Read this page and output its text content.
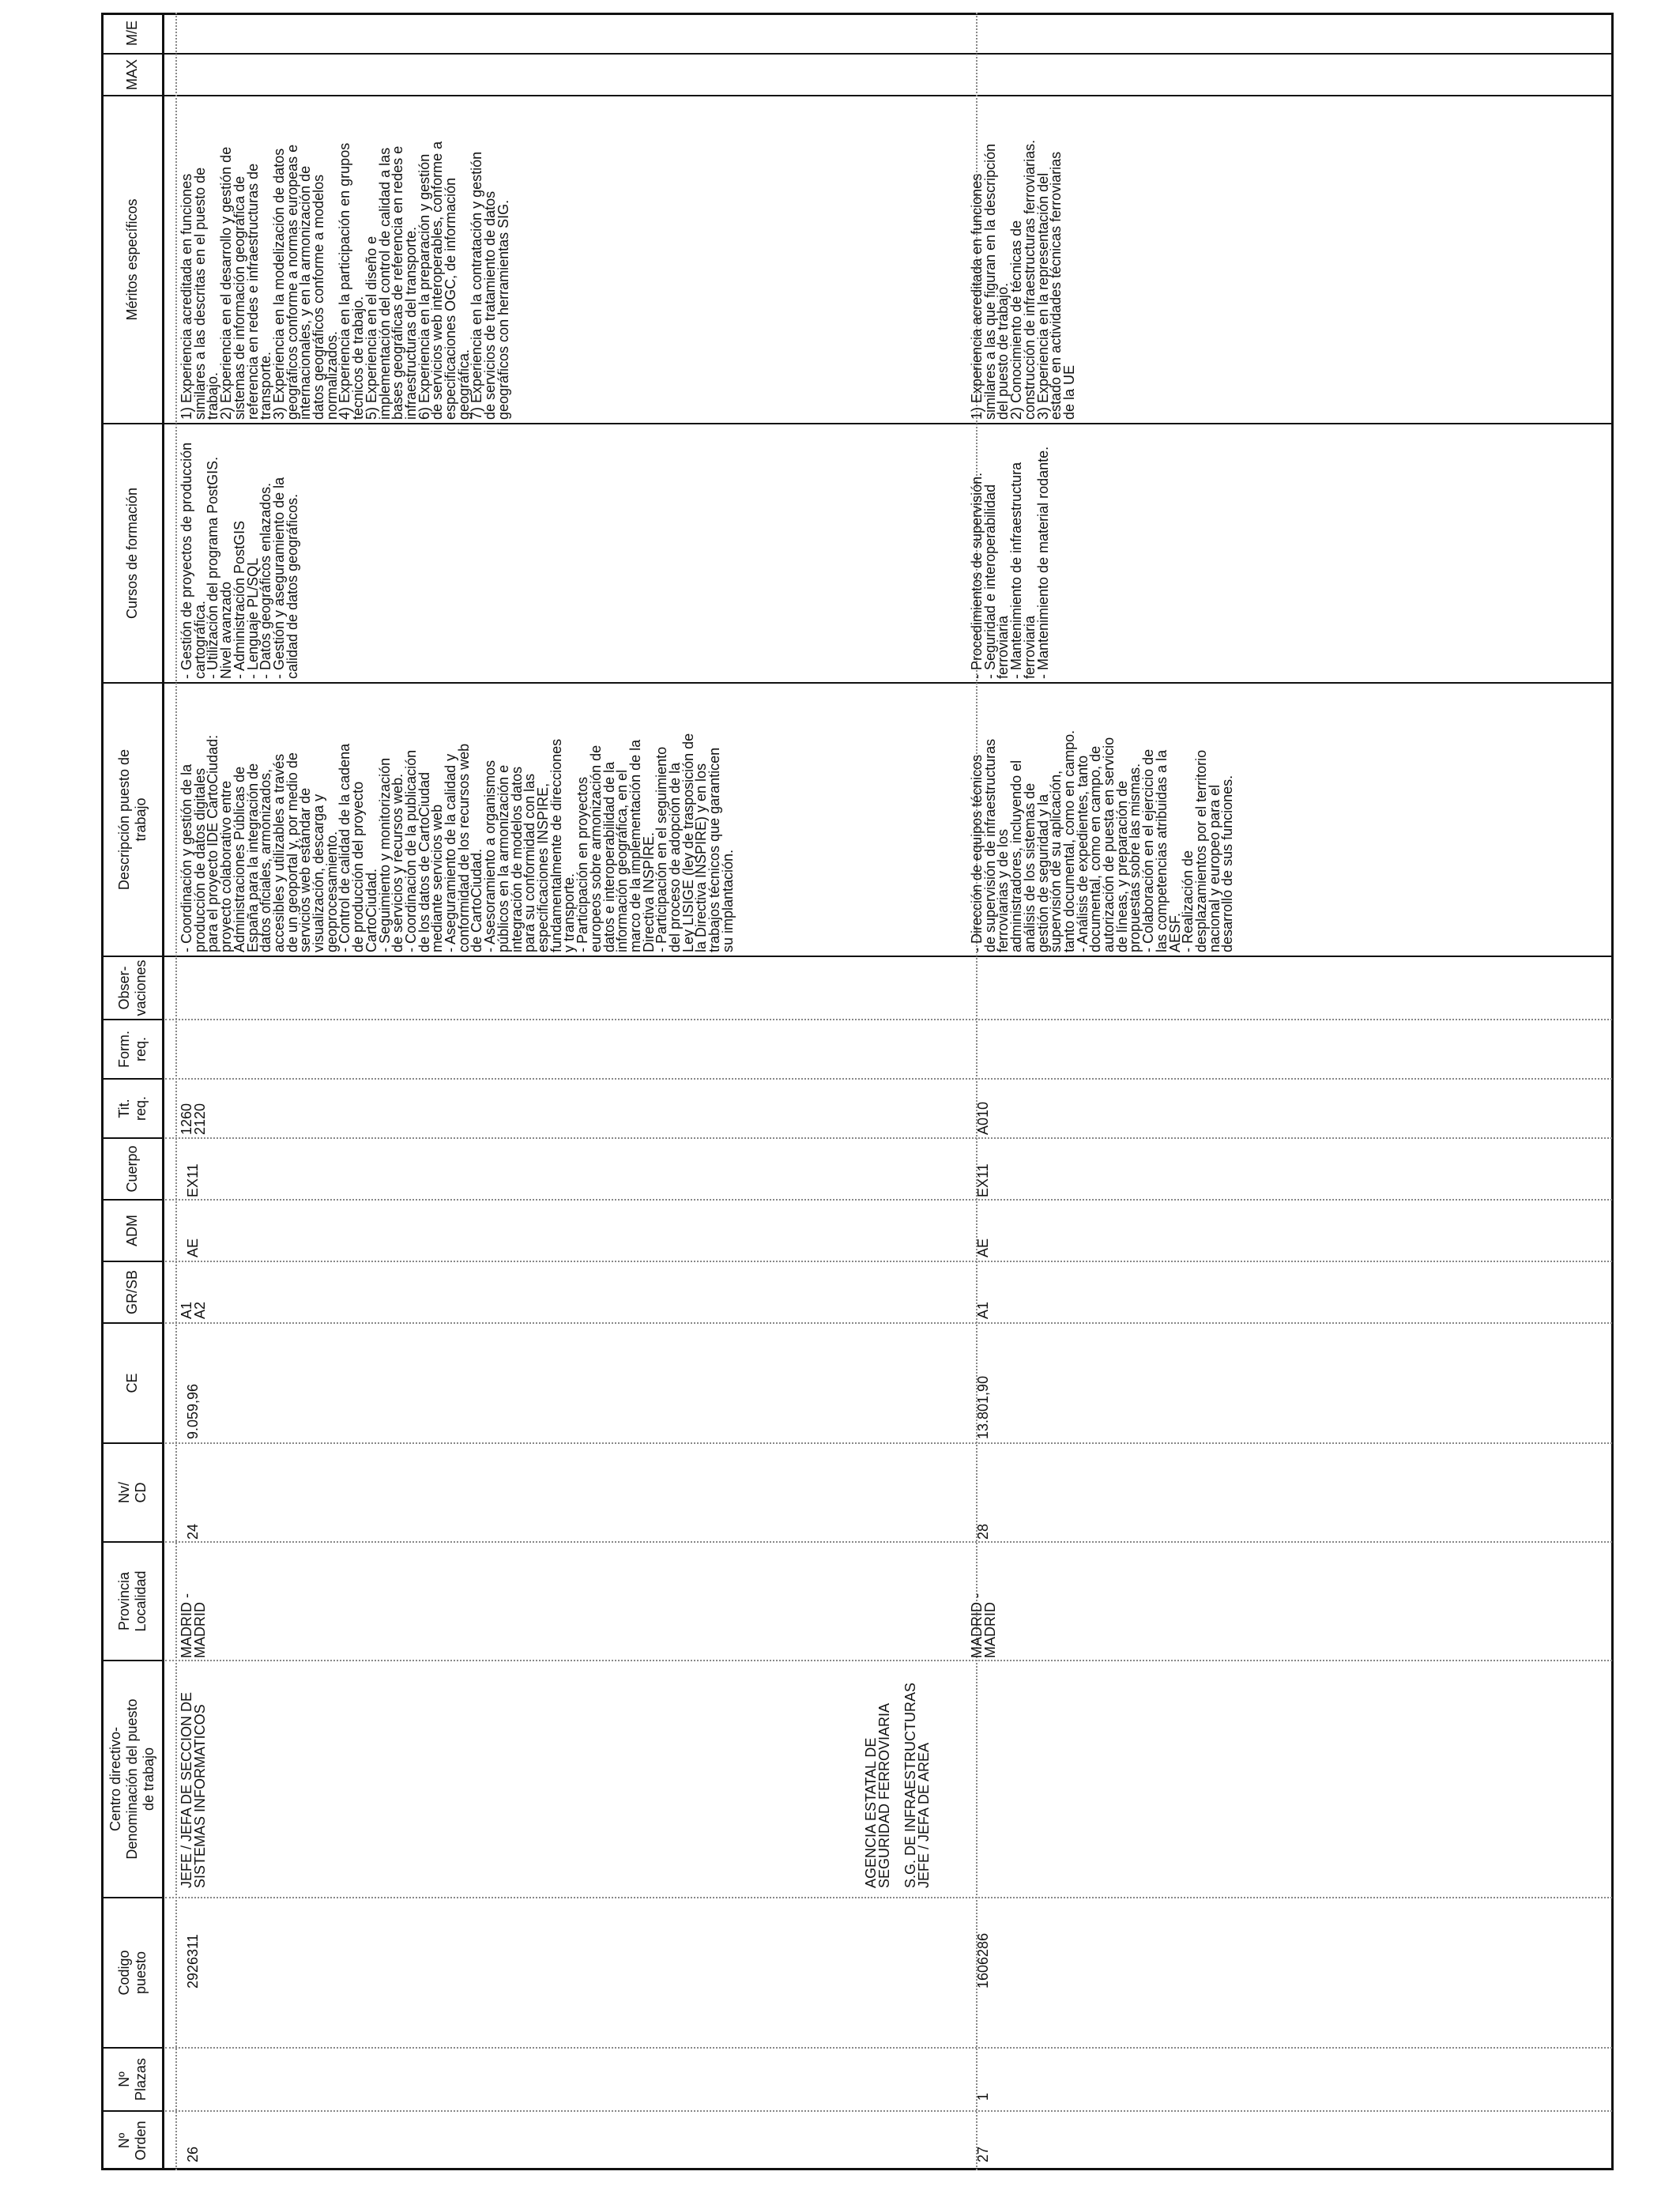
Nº
Orden
Nº
Plazas
Codigo
puesto
Centro directivo-
Denominación del puesto
de trabajo
Provincia
Localidad
Nv/
CD
CE
GR/SB
ADM
Cuerpo
Tit.
req.
Form.
req.
Obser-
vaciones
Descripción puesto de
trabajo
Cursos de formación
Méritos específicos
MAX
M/E
26
2926311
JEFE / JEFA DE SECCION DE
SISTEMAS INFORMATICOS
MADRID -
MADRID
24
9.059,96
A1
A2
AE
EX11
1260
2120
- Coordinación y gestión de la
producción de datos digitales
para el proyecto IDE CartoCiudad:
proyecto colaborativo entre
Administraciones Públicas de
España para la integración de
datos oficiales, armonizados,
accesibles y utilizables a través
de un geoportal y, por medio de
servicios web estándar de
visualización, descarga y
geoprocesamiento.
- Control de calidad de la cadena
de producción del proyecto
CartoCiudad.
- Seguimiento y monitorización
de servicios y recursos web.
- Coordinación de la publicación
de los datos de CartoCiudad
mediante servicios web
- Aseguramiento de la calidad y
conformidad de los recursos web
de CartoCiudad.
- Asesoramiento a organismos
públicos en la armonización e
integración de modelos datos
para su conformidad con las
especificaciones INSPIRE,
fundamentalmente de direcciones
y transporte.
- Participación en proyectos
europeos sobre armonización de
datos e interoperabilidad de la
información geográfica, en el
marco de la implementación de la
Directiva INSPIRE.
- Participación en el seguimiento
del proceso de adopción de la
Ley LISIGE (ley de trasposición de
la Directiva INSPIRE) y en los
trabajos técnicos que garanticen
su implantación.
- Gestión de proyectos de producción
cartográfica.
- Utilización del programa PostGIS.
Nivel avanzado
- Administración PostGIS
- Lenguaje PL/SQL
- Datos geográficos enlazados.
- Gestión y aseguramiento de la
calidad de datos geográficos.
1) Experiencia acreditada en funciones
similares a las descritas en el puesto de
trabajo.
2) Experiencia en el desarrollo y gestión de
sistemas de información geográfica de
referencia en redes e infraestructuras de
transporte.
3) Experiencia en la modelización de datos
geográficos conforme a normas europeas e
internacionales, y en la armonización de
datos geográficos conforme a modelos
normalizados.
4) Experiencia en la participación en grupos
técnicos de trabajo.
5) Experiencia en el diseño e
implementación del control de calidad a las
bases geográficas de referencia en redes e
infraestructuras del transporte.
6) Experiencia en la preparación y gestión
de servicios web interoperables, conforme a
especificaciones OGC, de información
geográfica.
7) Experiencia en la contratación y gestión
de servicios de tratamiento de datos
geográficos con herramientas SIG.
27
1
1606286
AGENCIA ESTATAL DE
SEGURIDAD FERROVIARIA

S.G. DE INFRAESTRUCTURAS
JEFE / JEFA DE AREA
MADRID -
MADRID
28
13.801,90
A1
AE
EX11
A010
- Dirección de equipos técnicos
de supervisión de infraestructuras
ferroviarias y de los
administradores, incluyendo el
análisis de los sistemas de
gestión de seguridad y la
supervisión de su aplicación,
tanto documental, como en campo.
- Análisis de expedientes, tanto
documental, como en campo, de
autorización de puesta en servicio
de líneas, y preparación de
propuestas sobre las mismas.
- Colaboración en el ejercicio de
las competencias atribuidas a la
AESF.
- Realización de
desplazamientos por el territorio
nacional y europeo para el
desarrollo de sus funciones.
- Procedimientos de supervisión.
- Seguridad e interoperabilidad
ferroviaria
- Mantenimiento de infraestructura
ferroviaria
- Mantenimiento de material rodante.
1) Experiencia acreditada en funciones
similares a las que figuran en la descripción
del puesto de trabajo.
2) Conocimiento de técnicas de
construcción de infraestructuras ferroviarias.
3) Experiencia en la representación del
estado en actividades técnicas ferroviarias
de la UE
